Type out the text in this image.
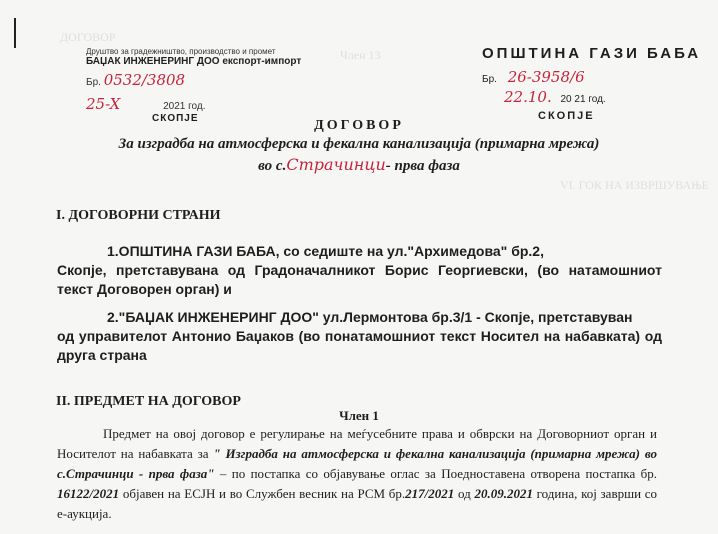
ДОГОВОР
Член 13
VI. ГОК НА ИЗВРШУВАЊЕ
Друштво за градежништво, производство и промет
БАЏАК ИНЖЕНЕРИНГ ДОО експорт-импорт
Бр. 0532/3808
25-X	2021 год.
СКОПЈЕ
ОПШТИНА ГАЗИ БАБА
Бр. 26-3958/6
22.10. 20 21 год.
СКОПЈЕ
ДОГОВОР
За изградба на атмосферска и фекална канализација (примарна мрежа)
во с.Страчинци- прва фаза
I. ДОГОВОРНИ СТРАНИ
1.ОПШТИНА ГАЗИ БАБА, со седиште на ул."Архимедова" бр.2,
Скопје, претставувана од Градоначалникот Борис Георгиевски, (во натамошниот текст Договорен орган) и
2."БАЏАК ИНЖЕНЕРИНГ ДОО" ул.Лермонтова бр.3/1 - Скопје, претставуван
од управителот Антонио Баџаков (во понатамошниот текст Носител на набавката) од друга страна
II. ПРЕДМЕТ НА ДОГОВОР
Член 1
Предмет на овој договор е регулирање на меѓусебните права и обврски на Договорниот орган и Носителот на набавката за " Изградба на атмосферска и фекална канализација (примарна мрежа) во с.Страчинци - прва фаза" – по постапка со објавување оглас за Поедноставена отворена постапка бр. 16122/2021 објавен на ЕСЈН и во Службен весник на РСМ бр.217/2021 од 20.09.2021 година, кој заврши со е-аукција.
